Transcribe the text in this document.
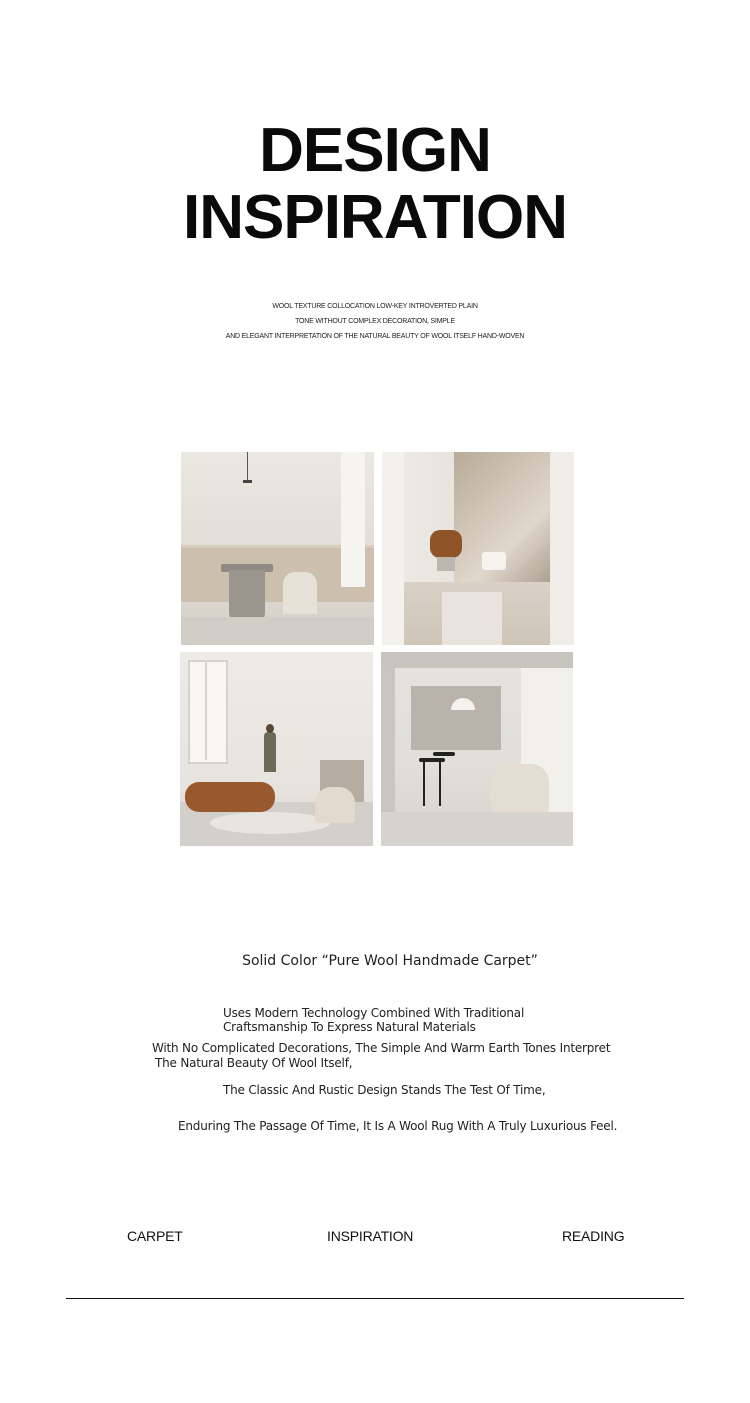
DESIGN
INSPIRATION
WOOL TEXTURE COLLOCATION LOW-KEY INTROVERTED PLAIN
TONE WITHOUT COMPLEX DECORATION, SIMPLE
AND ELEGANT INTERPRETATION OF THE NATURAL BEAUTY OF WOOL ITSELF HAND-WOVEN
Solid Color “Pure Wool Handmade Carpet”
Uses Modern Technology Combined With Traditional
Craftsmanship To Express Natural Materials
With No Complicated Decorations, The Simple And Warm Earth Tones Interpret
The Natural Beauty Of Wool Itself,
The Classic And Rustic Design Stands The Test Of Time,
Enduring The Passage Of Time, It Is A Wool Rug With A Truly Luxurious Feel.
CARPET	INSPIRATION	READING
